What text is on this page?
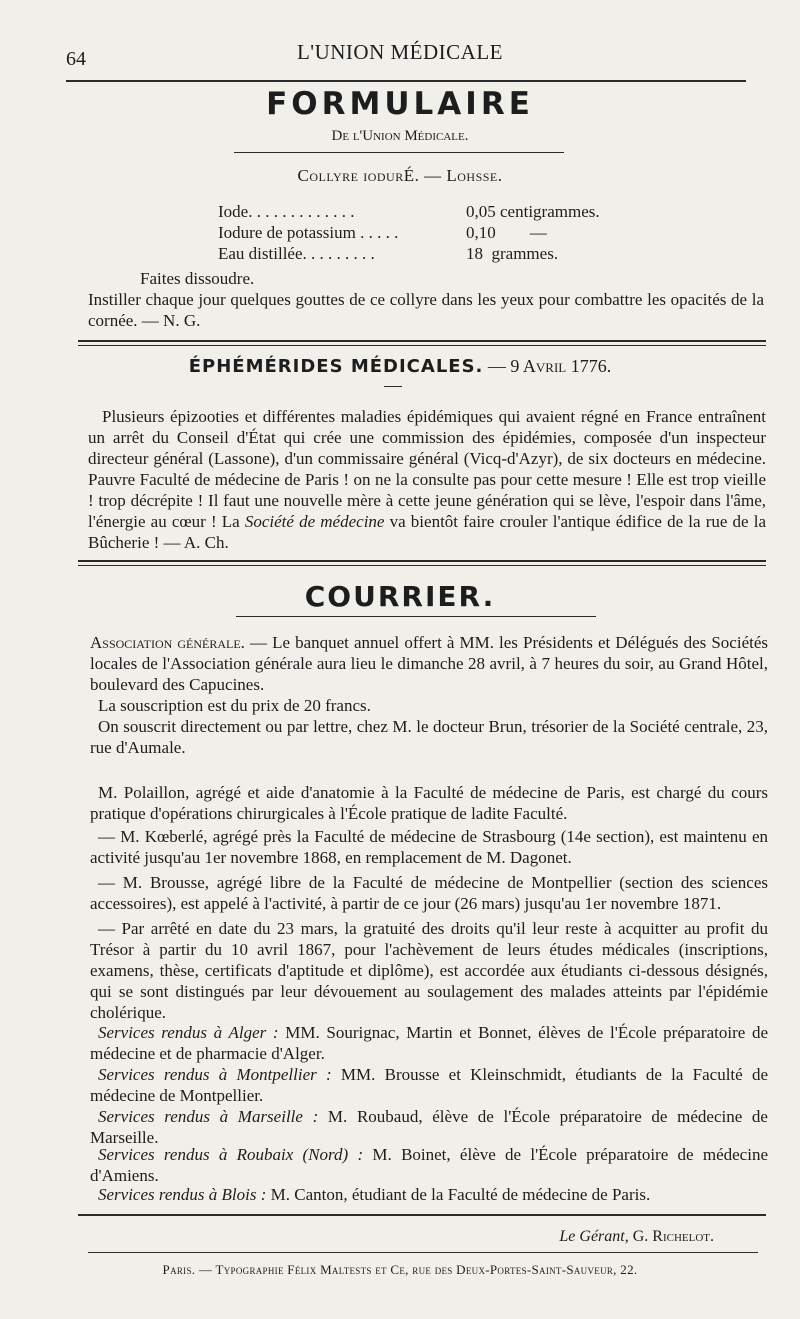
64	L'UNION MÉDICALE
FORMULAIRE
De l'Union Médicale.
Collyre iodurÉ. — Lohsse.
Iode. . . . . . . . . . . . .	0,05 centigrammes.
Iodure de potassium . . . . .	0,10        —
Eau distillée. . . . . . . . .	18  grammes.
Faites dissoudre.
Instiller chaque jour quelques gouttes de ce collyre dans les yeux pour combattre les opacités de la cornée. — N. G.
ÉPHÉMÉRIDES MÉDICALES. — 9 Avril 1776.

Plusieurs épizooties et différentes maladies épidémiques qui avaient régné en France entraînent un arrêt du Conseil d'État qui crée une commission des épidémies, composée d'un inspecteur directeur général (Lassone), d'un commissaire général (Vicq-d'Azyr), de six docteurs en médecine. Pauvre Faculté de médecine de Paris ! on ne la consulte pas pour cette mesure ! Elle est trop vieille ! trop décrépite ! Il faut une nouvelle mère à cette jeune génération qui se lève, l'espoir dans l'âme, l'énergie au cœur ! La Société de médecine va bientôt faire crouler l'antique édifice de la rue de la Bûcherie ! — A. Ch.

COURRIER.

Association générale. — Le banquet annuel offert à MM. les Présidents et Délégués des Sociétés locales de l'Association générale aura lieu le dimanche 28 avril, à 7 heures du soir, au Grand Hôtel, boulevard des Capucines.

La souscription est du prix de 20 francs.

On souscrit directement ou par lettre, chez M. le docteur Brun, trésorier de la Société centrale, 23, rue d'Aumale.

M. Polaillon, agrégé et aide d'anatomie à la Faculté de médecine de Paris, est chargé du cours pratique d'opérations chirurgicales à l'École pratique de ladite Faculté.

— M. Kœberlé, agrégé près la Faculté de médecine de Strasbourg (14e section), est maintenu en activité jusqu'au 1er novembre 1868, en remplacement de M. Dagonet.

— M. Brousse, agrégé libre de la Faculté de médecine de Montpellier (section des sciences accessoires), est appelé à l'activité, à partir de ce jour (26 mars) jusqu'au 1er novembre 1871.

— Par arrêté en date du 23 mars, la gratuité des droits qu'il leur reste à acquitter au profit du Trésor à partir du 10 avril 1867, pour l'achèvement de leurs études médicales (inscriptions, examens, thèse, certificats d'aptitude et diplôme), est accordée aux étudiants ci-dessous désignés, qui se sont distingués par leur dévouement au soulagement des malades atteints par l'épidémie cholérique.

Services rendus à Alger : MM. Sourignac, Martin et Bonnet, élèves de l'École préparatoire de médecine et de pharmacie d'Alger.

Services rendus à Montpellier : MM. Brousse et Kleinschmidt, étudiants de la Faculté de médecine de Montpellier.

Services rendus à Marseille : M. Roubaud, élève de l'École préparatoire de médecine de Marseille.

Services rendus à Roubaix (Nord) : M. Boinet, élève de l'École préparatoire de médecine d'Amiens.

Services rendus à Blois : M. Canton, étudiant de la Faculté de médecine de Paris.

Le Gérant, G. Richelot.
Paris. — Typographie Félix Maltests et Ce, rue des Deux-Portes-Saint-Sauveur, 22.
